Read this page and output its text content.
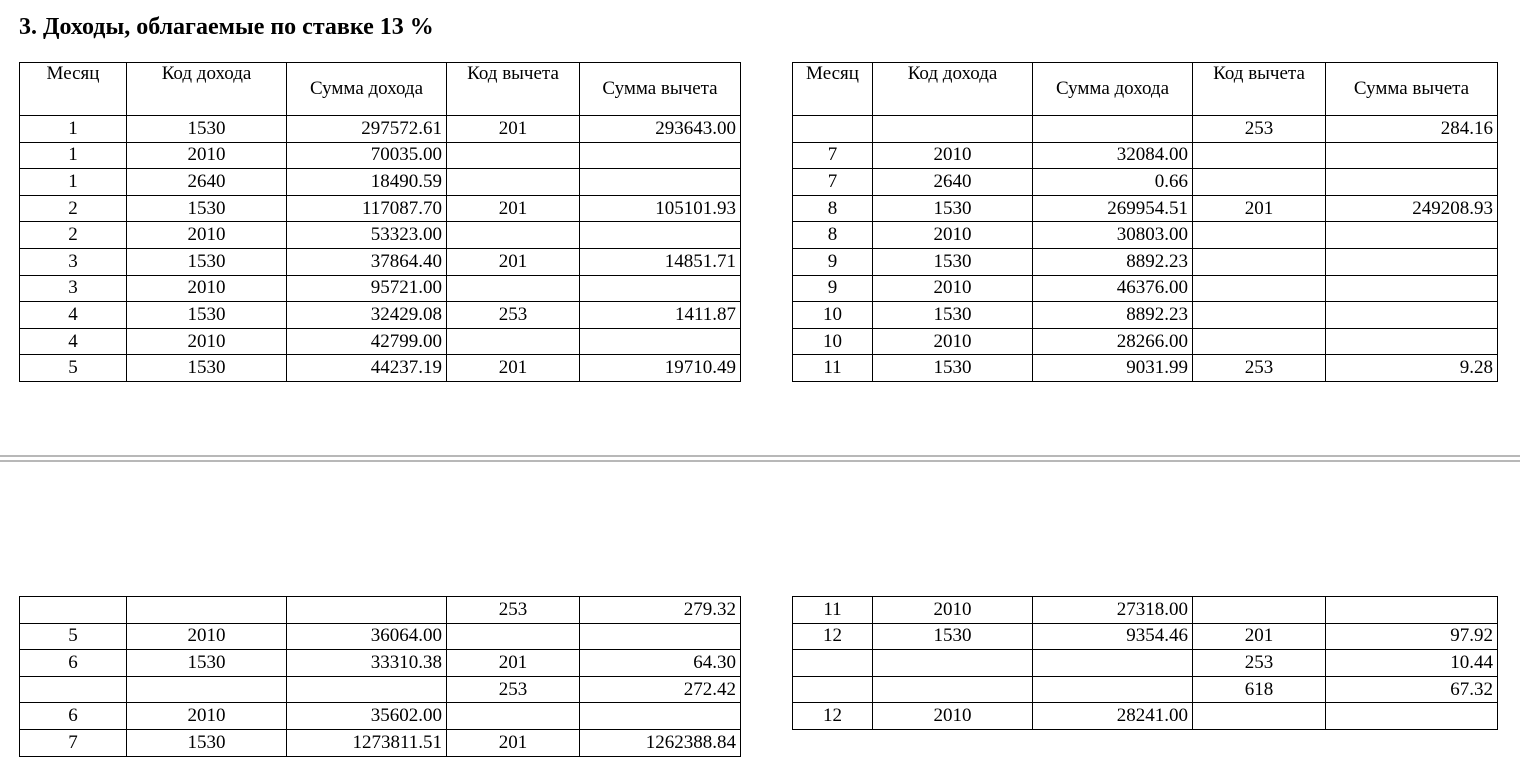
3. Доходы, облагаемые по ставке 13 %
Месяц	Код дохода	Сумма дохода	Код вычета	Сумма вычета
1	1530	297572.61	201	293643.00
1	2010	70035.00		
1	2640	18490.59		
2	1530	117087.70	201	105101.93
2	2010	53323.00		
3	1530	37864.40	201	14851.71
3	2010	95721.00		
4	1530	32429.08	253	1411.87
4	2010	42799.00		
5	1530	44237.19	201	19710.49
Месяц	Код дохода	Сумма дохода	Код вычета	Сумма вычета
			253	284.16
7	2010	32084.00		
7	2640	0.66		
8	1530	269954.51	201	249208.93
8	2010	30803.00		
9	1530	8892.23		
9	2010	46376.00		
10	1530	8892.23		
10	2010	28266.00		
11	1530	9031.99	253	9.28
			253	279.32
5	2010	36064.00		
6	1530	33310.38	201	64.30
			253	272.42
6	2010	35602.00		
7	1530	1273811.51	201	1262388.84
11	2010	27318.00		
12	1530	9354.46	201	97.92
			253	10.44
			618	67.32
12	2010	28241.00		
